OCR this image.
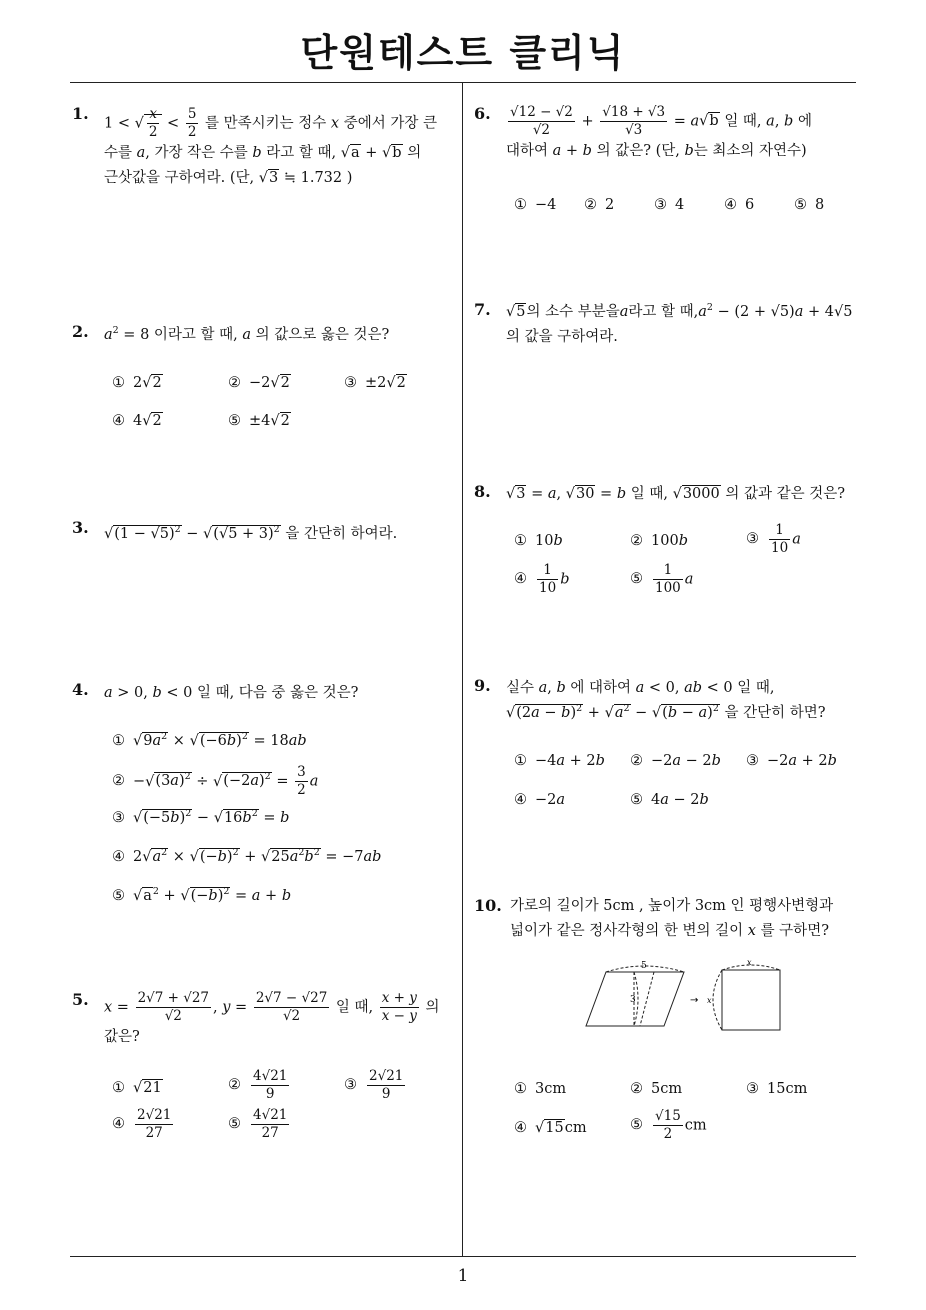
단원테스트 클리닉
1
1.
1 < √ $\frac{x}{2} < \frac{5}{2}$ 를 만족시키는 정수 x 중에서 가장 큰
수를 a, 가장 작은 수를 b 라고 할 때, √a + √b 의
근삿값을 구하여라. (단, √3 ≒ 1.732 )
2. $a^2 = 8$ 이라고 할 때, a 의 값으로 옳은 것은?
① 2√2	② −2√2	③ ±2√2
④ 4√2	⑤ ±4√2
3. $√(1 - √5)^2 - √(√5 + 3)^2$ 을 간단히 하여라.
4. a > 0, b < 0 일 때, 다음 중 옳은 것은?
① $√9a^2 \times √(-6b)^2 = 18ab$
② $-√(3a)^2 \div √(-2a)^2 = \frac{3}{2}$ a
③ $√(-5b)^2 - √16b^2 = b$
④ $2√a^2 \times √(-b)^2 + √25a^2b^2 = -7ab$
⑤ $√a^2 + √(-b)^2 = a + b$
5. $x = \frac{2√7 + √27}{√2}$ , $y = \frac{2√7 - √27}{√2}$ 일 때, $\frac{x + y}{x - y}$ 의
값은?
① √21	② $\frac{4√21}{9}$	③ $\frac{2√21}{9}$
④ $\frac{2√21}{27}$	⑤ $\frac{4√21}{27}$
6. $\frac{√12 - √2}{√2} + \frac{√18 + √3}{√3} = a√b$ 일 때, a, b 에
대하여 a + b 의 값은? (단, b는 최소의 자연수)
① −4 ② 2	③ 4	④ 6	⑤ 8
7. √5의 소수 부분을a라고 할 때$,a^2 - (2 + √5)a + 4√5$
의 값을 구하여라.
8. √3 = a, √30 = b 일 때, √3000 의 값과 같은 것은?
① 10b	② 100b	③ $\frac{1}{10}$ a
④ $\frac{1}{10}$ b	⑤ $\frac{1}{100}$ a
9. 실수 a, b 에 대하여 a < 0, ab < 0 일 때,
$√(2a - b)^2 + √a^2 - √(b - a)^2$ 을 간단히 하면?
① −4a + 2b ② −2a − 2b ③ −2a + 2b
④ −2a	⑤ 4a − 2b
10. 가로의 길이가 5cm , 높이가 3cm 인 평행사변형과
넓이가 같은 정사각형의 한 변의 길이 x 를 구하면?
5
3	→
x
x
① 3cm	② 5cm	③ 15cm
④ √15cm	⑤ $\frac{√15}{2}$ cm
